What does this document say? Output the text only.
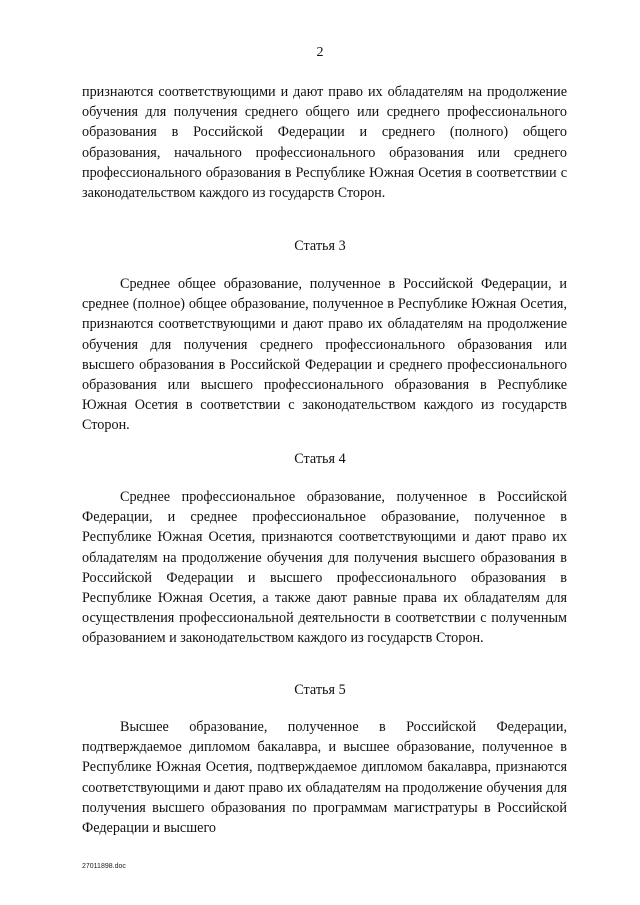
2

признаются соответствующими и дают право их обладателям на продолжение обучения для получения среднего общего или среднего профессионального образования в Российской Федерации и среднего (полного) общего образования, начального профессионального образования или среднего профессионального образования в Республике Южная Осетия в соответствии с законодательством каждого из государств Сторон.

Статья 3

Среднее общее образование, полученное в Российской Федерации, и среднее (полное) общее образование, полученное в Республике Южная Осетия, признаются соответствующими и дают право их обладателям на продолжение обучения для получения среднего профессионального образования или высшего образования в Российской Федерации и среднего профессионального образования или высшего профессионального образования в Республике Южная Осетия в соответствии с законодательством каждого из государств Сторон.

Статья 4

Среднее профессиональное образование, полученное в Российской Федерации, и среднее профессиональное образование, полученное в Республике Южная Осетия, признаются соответствующими и дают право их обладателям на продолжение обучения для получения высшего образования в Российской Федерации и высшего профессионального образования в Республике Южная Осетия, а также дают равные права их обладателям для осуществления профессиональной деятельности в соответствии с полученным образованием и законодательством каждого из государств Сторон.

Статья 5

Высшее образование, полученное в Российской Федерации, подтверждаемое дипломом бакалавра, и высшее образование, полученное в Республике Южная Осетия, подтверждаемое дипломом бакалавра, признаются соответствующими и дают право их обладателям на продолжение обучения для получения высшего образования по программам магистратуры в Российской Федерации и высшего

27011898.doc
